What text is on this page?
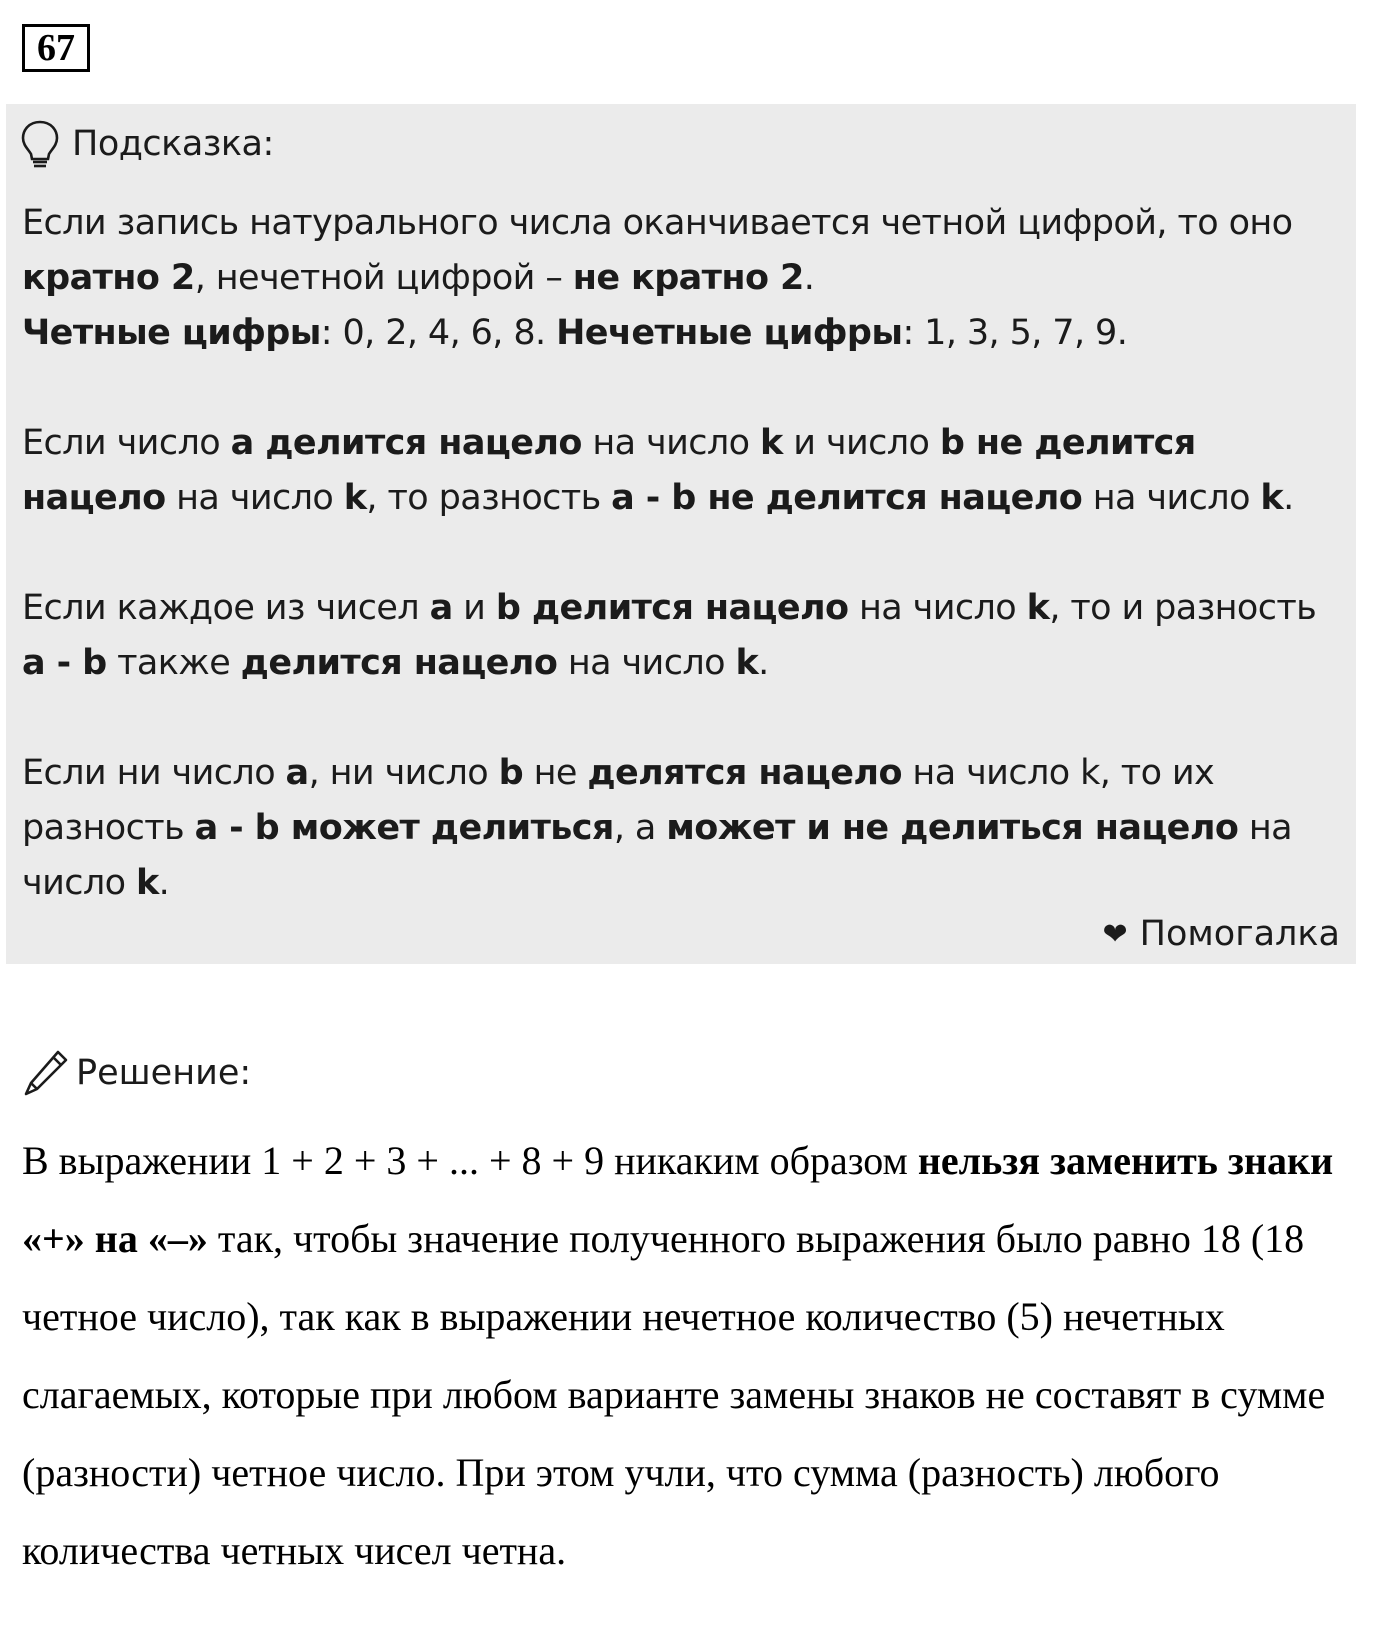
67
Подсказка:

Если запись натурального числа оканчивается четной цифрой, то оно кратно 2, нечетной цифрой – не кратно 2.
Четные цифры: 0, 2, 4, 6, 8. Нечетные цифры: 1, 3, 5, 7, 9.

Если число a делится нацело на число k и число b не делится нацело на число k, то разность a - b не делится нацело на число k.

Если каждое из чисел a и b делится нацело на число k, то и разность a - b также делится нацело на число k.

Если ни число a, ни число b не делятся нацело на число k, то их разность a - b может делиться, а может и не делиться нацело на число k.

❤ Помогалка
Решение:
В выражении 1 + 2 + 3 + ... + 8 + 9 никаким образом нельзя заменить знаки «+» на «–» так, чтобы значение полученного выражения было равно 18 (18 четное число), так как в выражении нечетное количество (5) нечетных слагаемых, которые при любом варианте замены знаков не составят в сумме (разности) четное число. При этом учли, что сумма (разность) любого количества четных чисел четна.
